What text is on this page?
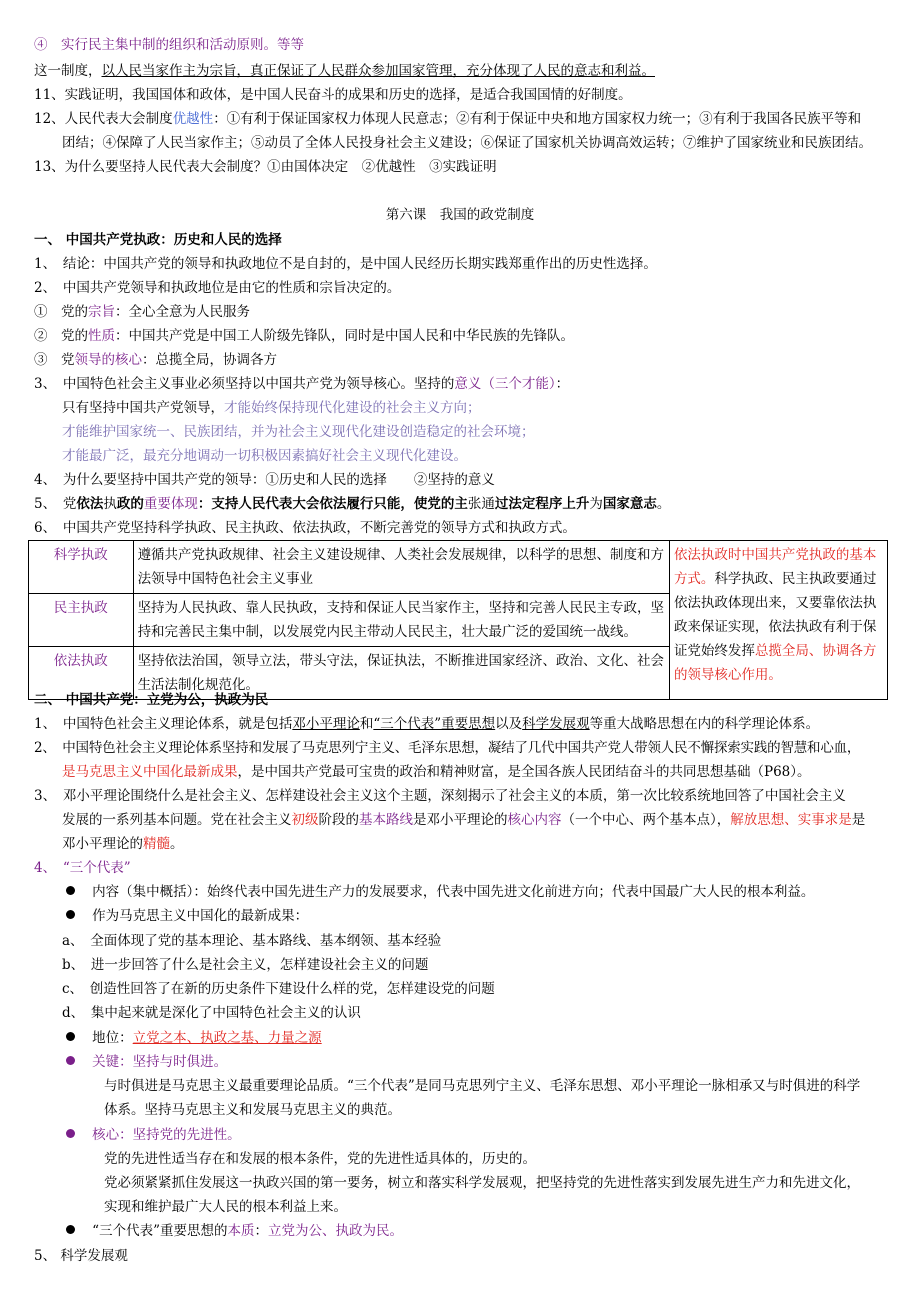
④　实行民主集中制的组织和活动原则。等等
这一制度，以人民当家作主为宗旨，真正保证了人民群众参加国家管理，充分体现了人民的意志和利益。
11、实践证明，我国国体和政体，是中国人民奋斗的成果和历史的选择，是适合我国国情的好制度。
12、人民代表大会制度优越性：①有利于保证国家权力体现人民意志；②有利于保证中央和地方国家权力统一；③有利于我国各民族平等和
团结；④保障了人民当家作主；⑤动员了全体人民投身社会主义建设；⑥保证了国家机关协调高效运转；⑦维护了国家统业和民族团结。
13、为什么要坚持人民代表大会制度？①由国体决定　②优越性　③实践证明
第六课　我国的政党制度
一、 中国共产党执政：历史和人民的选择
1、　结论：中国共产党的领导和执政地位不是自封的，是中国人民经历长期实践郑重作出的历史性选择。
2、　中国共产党领导和执政地位是由它的性质和宗旨决定的。
①　党的宗旨：全心全意为人民服务
②　党的性质：中国共产党是中国工人阶级先锋队，同时是中国人民和中华民族的先锋队。
③　党领导的核心：总揽全局，协调各方
3、　中国特色社会主义事业必须坚持以中国共产党为领导核心。坚持的意义（三个才能）：
只有坚持中国共产党领导，才能始终保持现代化建设的社会主义方向；
才能维护国家统一、民族团结，并为社会主义现代化建设创造稳定的社会环境；
才能最广泛，最充分地调动一切积极因素搞好社会主义现代化建设。
4、　为什么要坚持中国共产党的领导：①历史和人民的选择　　②坚持的意义
5、　党依法执政的重要体现：支持人民代表大会依法履行只能，使党的主张通过法定程序上升为国家意志。
6、　中国共产党坚持科学执政、民主执政、依法执政，不断完善党的领导方式和执政方式。
科学执政	遵循共产党执政规律、社会主义建设规律、人类社会发展规律，以科学的思想、制度和方法领导中国特色社会主义事业	依法执政时中国共产党执政的基本方式。科学执政、民主执政要通过依法执政体现出来，又要靠依法执政来保证实现，依法执政有利于保证党始终发挥总揽全局、协调各方的领导核心作用。
民主执政	坚持为人民执政、靠人民执政，支持和保证人民当家作主，坚持和完善人民民主专政，坚持和完善民主集中制，以发展党内民主带动人民民主，壮大最广泛的爱国统一战线。	
依法执政	坚持依法治国，领导立法，带头守法，保证执法，不断推进国家经济、政治、文化、社会生活法制化规范化。	
二、 中国共产党：立党为公，执政为民
1、　中国特色社会主义理论体系，就是包括邓小平理论和“三个代表”重要思想以及科学发展观等重大战略思想在内的科学理论体系。
2、　中国特色社会主义理论体系坚持和发展了马克思列宁主义、毛泽东思想，凝结了几代中国共产党人带领人民不懈探索实践的智慧和心血，
是马克思主义中国化最新成果，是中国共产党最可宝贵的政治和精神财富，是全国各族人民团结奋斗的共同思想基础（P68）。
3、　邓小平理论围绕什么是社会主义、怎样建设社会主义这个主题，深刻揭示了社会主义的本质，第一次比较系统地回答了中国社会主义
发展的一系列基本问题。党在社会主义初级阶段的基本路线是邓小平理论的核心内容（一个中心、两个基本点），解放思想、实事求是是
邓小平理论的精髓。
4、　“三个代表”
内容（集中概括）：始终代表中国先进生产力的发展要求，代表中国先进文化前进方向；代表中国最广大人民的根本利益。
作为马克思主义中国化的最新成果：
a、　全面体现了党的基本理论、基本路线、基本纲领、基本经验
b、　进一步回答了什么是社会主义，怎样建设社会主义的问题
c、　创造性回答了在新的历史条件下建设什么样的党，怎样建设党的问题
d、　集中起来就是深化了中国特色社会主义的认识
地位：立党之本、执政之基、力量之源
关键：坚持与时俱进。
与时俱进是马克思主义最重要理论品质。“三个代表”是同马克思列宁主义、毛泽东思想、邓小平理论一脉相承又与时俱进的科学
体系。坚持马克思主义和发展马克思主义的典范。
核心：坚持党的先进性。
党的先进性适当存在和发展的根本条件，党的先进性适具体的，历史的。
党必须紧紧抓住发展这一执政兴国的第一要务，树立和落实科学发展观，把坚持党的先进性落实到发展先进生产力和先进文化，
实现和维护最广大人民的根本利益上来。
“三个代表”重要思想的本质：立党为公、执政为民。
5、 科学发展观
